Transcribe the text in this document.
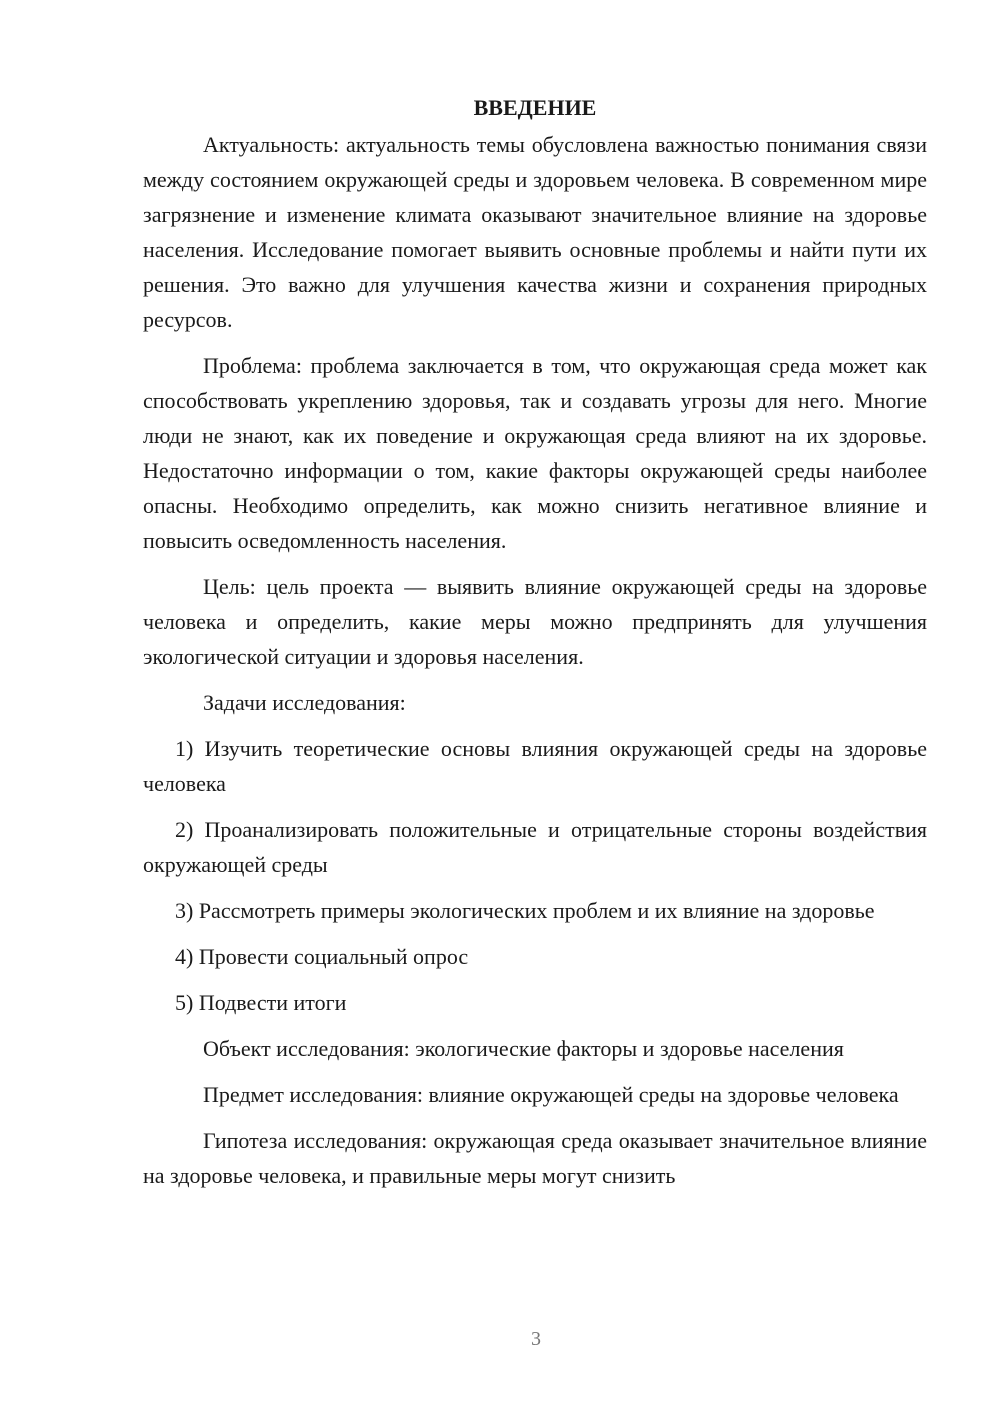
ВВЕДЕНИЕ

Актуальность: актуальность темы обусловлена важностью понимания связи между состоянием окружающей среды и здоровьем человека. В современном мире загрязнение и изменение климата оказывают значительное влияние на здоровье населения. Исследование помогает выявить основные проблемы и найти пути их решения. Это важно для улучшения качества жизни и сохранения природных ресурсов.

Проблема: проблема заключается в том, что окружающая среда может как способствовать укреплению здоровья, так и создавать угрозы для него. Многие люди не знают, как их поведение и окружающая среда влияют на их здоровье. Недостаточно информации о том, какие факторы окружающей среды наиболее опасны. Необходимо определить, как можно снизить негативное влияние и повысить осведомленность населения.

Цель: цель проекта — выявить влияние окружающей среды на здоровье человека и определить, какие меры можно предпринять для улучшения экологической ситуации и здоровья населения.

Задачи исследования:

1) Изучить теоретические основы влияния окружающей среды на здоровье человека

2) Проанализировать положительные и отрицательные стороны воздействия окружающей среды

3) Рассмотреть примеры экологических проблем и их влияние на здоровье

4) Провести социальный опрос

5) Подвести итоги

Объект исследования: экологические факторы и здоровье населения

Предмет исследования: влияние окружающей среды на здоровье человека

Гипотеза исследования: окружающая среда оказывает значительное влияние на здоровье человека, и правильные меры могут снизить

3
